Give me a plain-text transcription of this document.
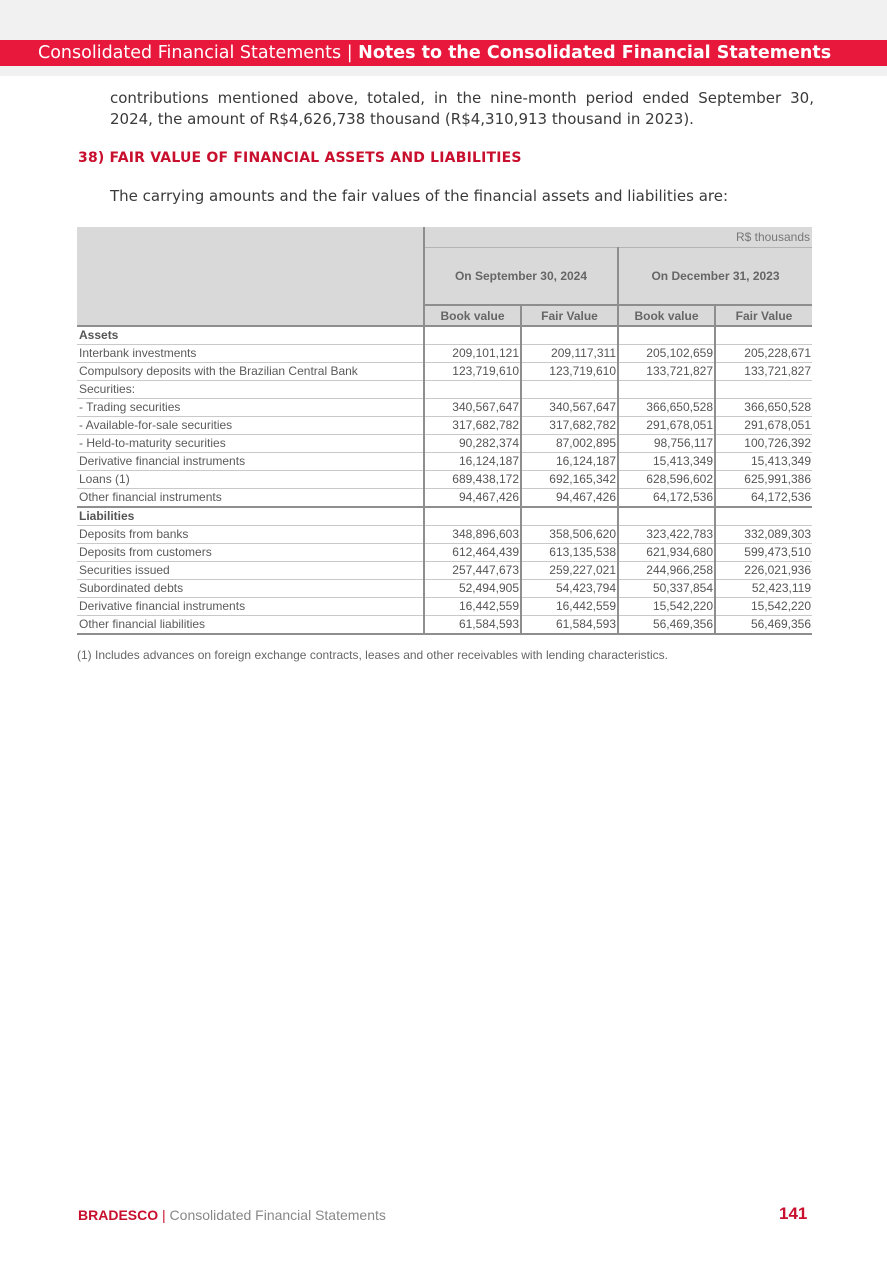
Consolidated Financial Statements | Notes to the Consolidated Financial Statements
contributions mentioned above, totaled, in the nine-month period ended September 30, 2024, the amount of R$4,626,738 thousand (R$4,310,913 thousand in 2023).
38) FAIR VALUE OF FINANCIAL ASSETS AND LIABILITIES
The carrying amounts and the fair values of the financial assets and liabilities are:
	R$ thousands			
	On September 30, 2024		On December 31, 2023	
	Book value	Fair Value	Book value	Fair Value
Assets				
Interbank investments	209,101,121	209,117,311	205,102,659	205,228,671
Compulsory deposits with the Brazilian Central Bank	123,719,610	123,719,610	133,721,827	133,721,827
Securities:				
- Trading securities	340,567,647	340,567,647	366,650,528	366,650,528
- Available-for-sale securities	317,682,782	317,682,782	291,678,051	291,678,051
- Held-to-maturity securities	90,282,374	87,002,895	98,756,117	100,726,392
Derivative financial instruments	16,124,187	16,124,187	15,413,349	15,413,349
Loans (1)	689,438,172	692,165,342	628,596,602	625,991,386
Other financial instruments	94,467,426	94,467,426	64,172,536	64,172,536
Liabilities				
Deposits from banks	348,896,603	358,506,620	323,422,783	332,089,303
Deposits from customers	612,464,439	613,135,538	621,934,680	599,473,510
Securities issued	257,447,673	259,227,021	244,966,258	226,021,936
Subordinated debts	52,494,905	54,423,794	50,337,854	52,423,119
Derivative financial instruments	16,442,559	16,442,559	15,542,220	15,542,220
Other financial liabilities	61,584,593	61,584,593	56,469,356	56,469,356
(1) Includes advances on foreign exchange contracts, leases and other receivables with lending characteristics.
BRADESCO | Consolidated Financial Statements	141
